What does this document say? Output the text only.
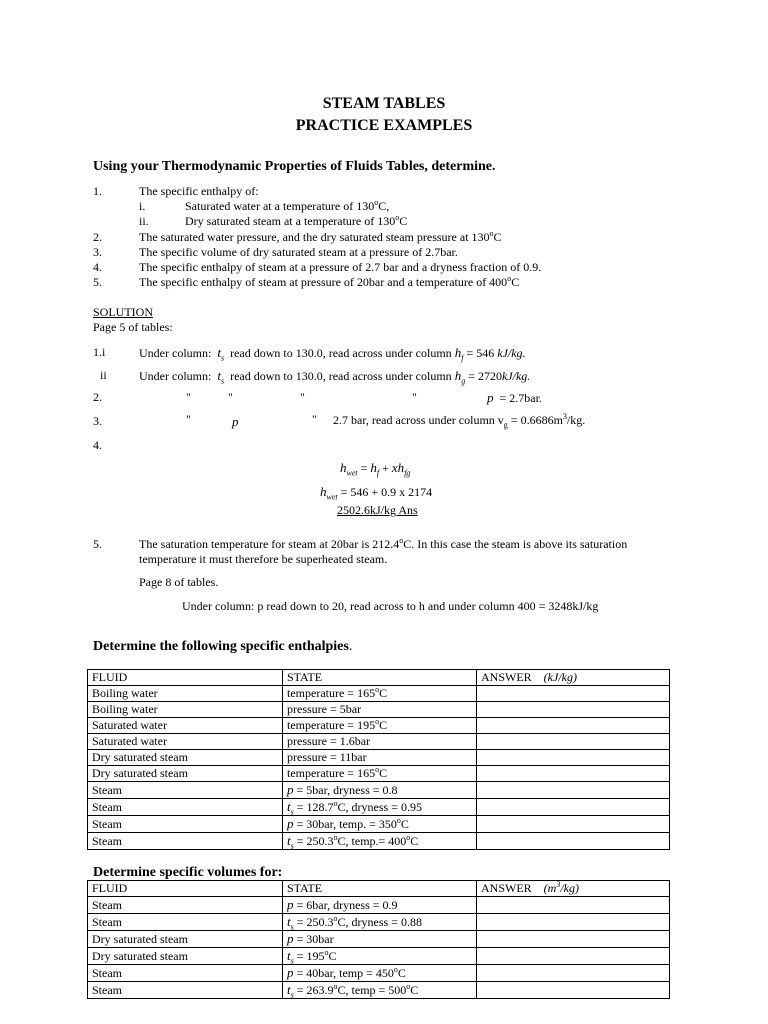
STEAM TABLES
PRACTICE EXAMPLES
Using your Thermodynamic Properties of Fluids Tables, determine.
1.	The specific enthalpy of:
i.	Saturated water at a temperature of 130$^o$C,
ii.	Dry saturated steam at a temperature of 130$^o$C
2.	The saturated water pressure, and the dry saturated steam pressure at 130$^o$C
3.	The specific volume of dry saturated steam at a pressure of 2.7bar.
4.	The specific enthalpy of steam at a pressure of 2.7 bar and a dryness fraction of 0.9.
5.	The specific enthalpy of steam at pressure of 20bar and a temperature of 400$^o$C
SOLUTION
Page 5 of tables:
1.i	Under column: $t_s$ read down to 130.0, read across under column $h_f = 546$ kJ/kg.
ii	Under column: $t_s$ read down to 130.0, read across under column $h_g = 2720kJ/kg$.
2.	"	"	"	"	p = 2.7bar.
3.	"	p	" 2.7 bar, read across under column $v_g = 0.6686m^3/kg$.
4.
$h_{wet} = h_f + xh_{fg}$
$h_{wet} = 546 + 0.9$ x 2174
2502.6kJ/kg Ans
5.	The saturation temperature for steam at 20bar is 212.4$^o$C. In this case the steam is above its saturation
temperature it must therefore be superheated steam.
Page 8 of tables.
Under column: p read down to 20, read across to h and under column 400 = 3248kJ/kg
Determine the following specific enthalpies.
FLUID	STATE	ANSWER (kJ/kg)
Boiling water	temperature = $165^oC$	
Boiling water	pressure = 5bar	
Saturated water	temperature = $195^oC$	
Saturated water	pressure = 1.6bar	
Dry saturated steam	pressure = 11bar	
Dry saturated steam	temperature = $165^oC$	
Steam	p = 5bar, dryness = 0.8	
Steam	$t_s = 128.7^oC$, dryness = 0.95	
Steam	p = 30bar, temp. = $350^oC$	
Steam	$t_s = 250.3^oC$, temp.= $400^oC$	
Determine specific volumes for:
FLUID	STATE	ANSWER $(m^3/kg)$
Steam	p = 6bar, dryness = 0.9	
Steam	$t_s = 250.3^oC$, dryness = 0.88	
Dry saturated steam	p = 30bar	
Dry saturated steam	$t_s = 195^oC$	
Steam	p = 40bar, temp = $450^oC$	
Steam	$t_s = 263.9^oC$, temp = $500^oC$	
